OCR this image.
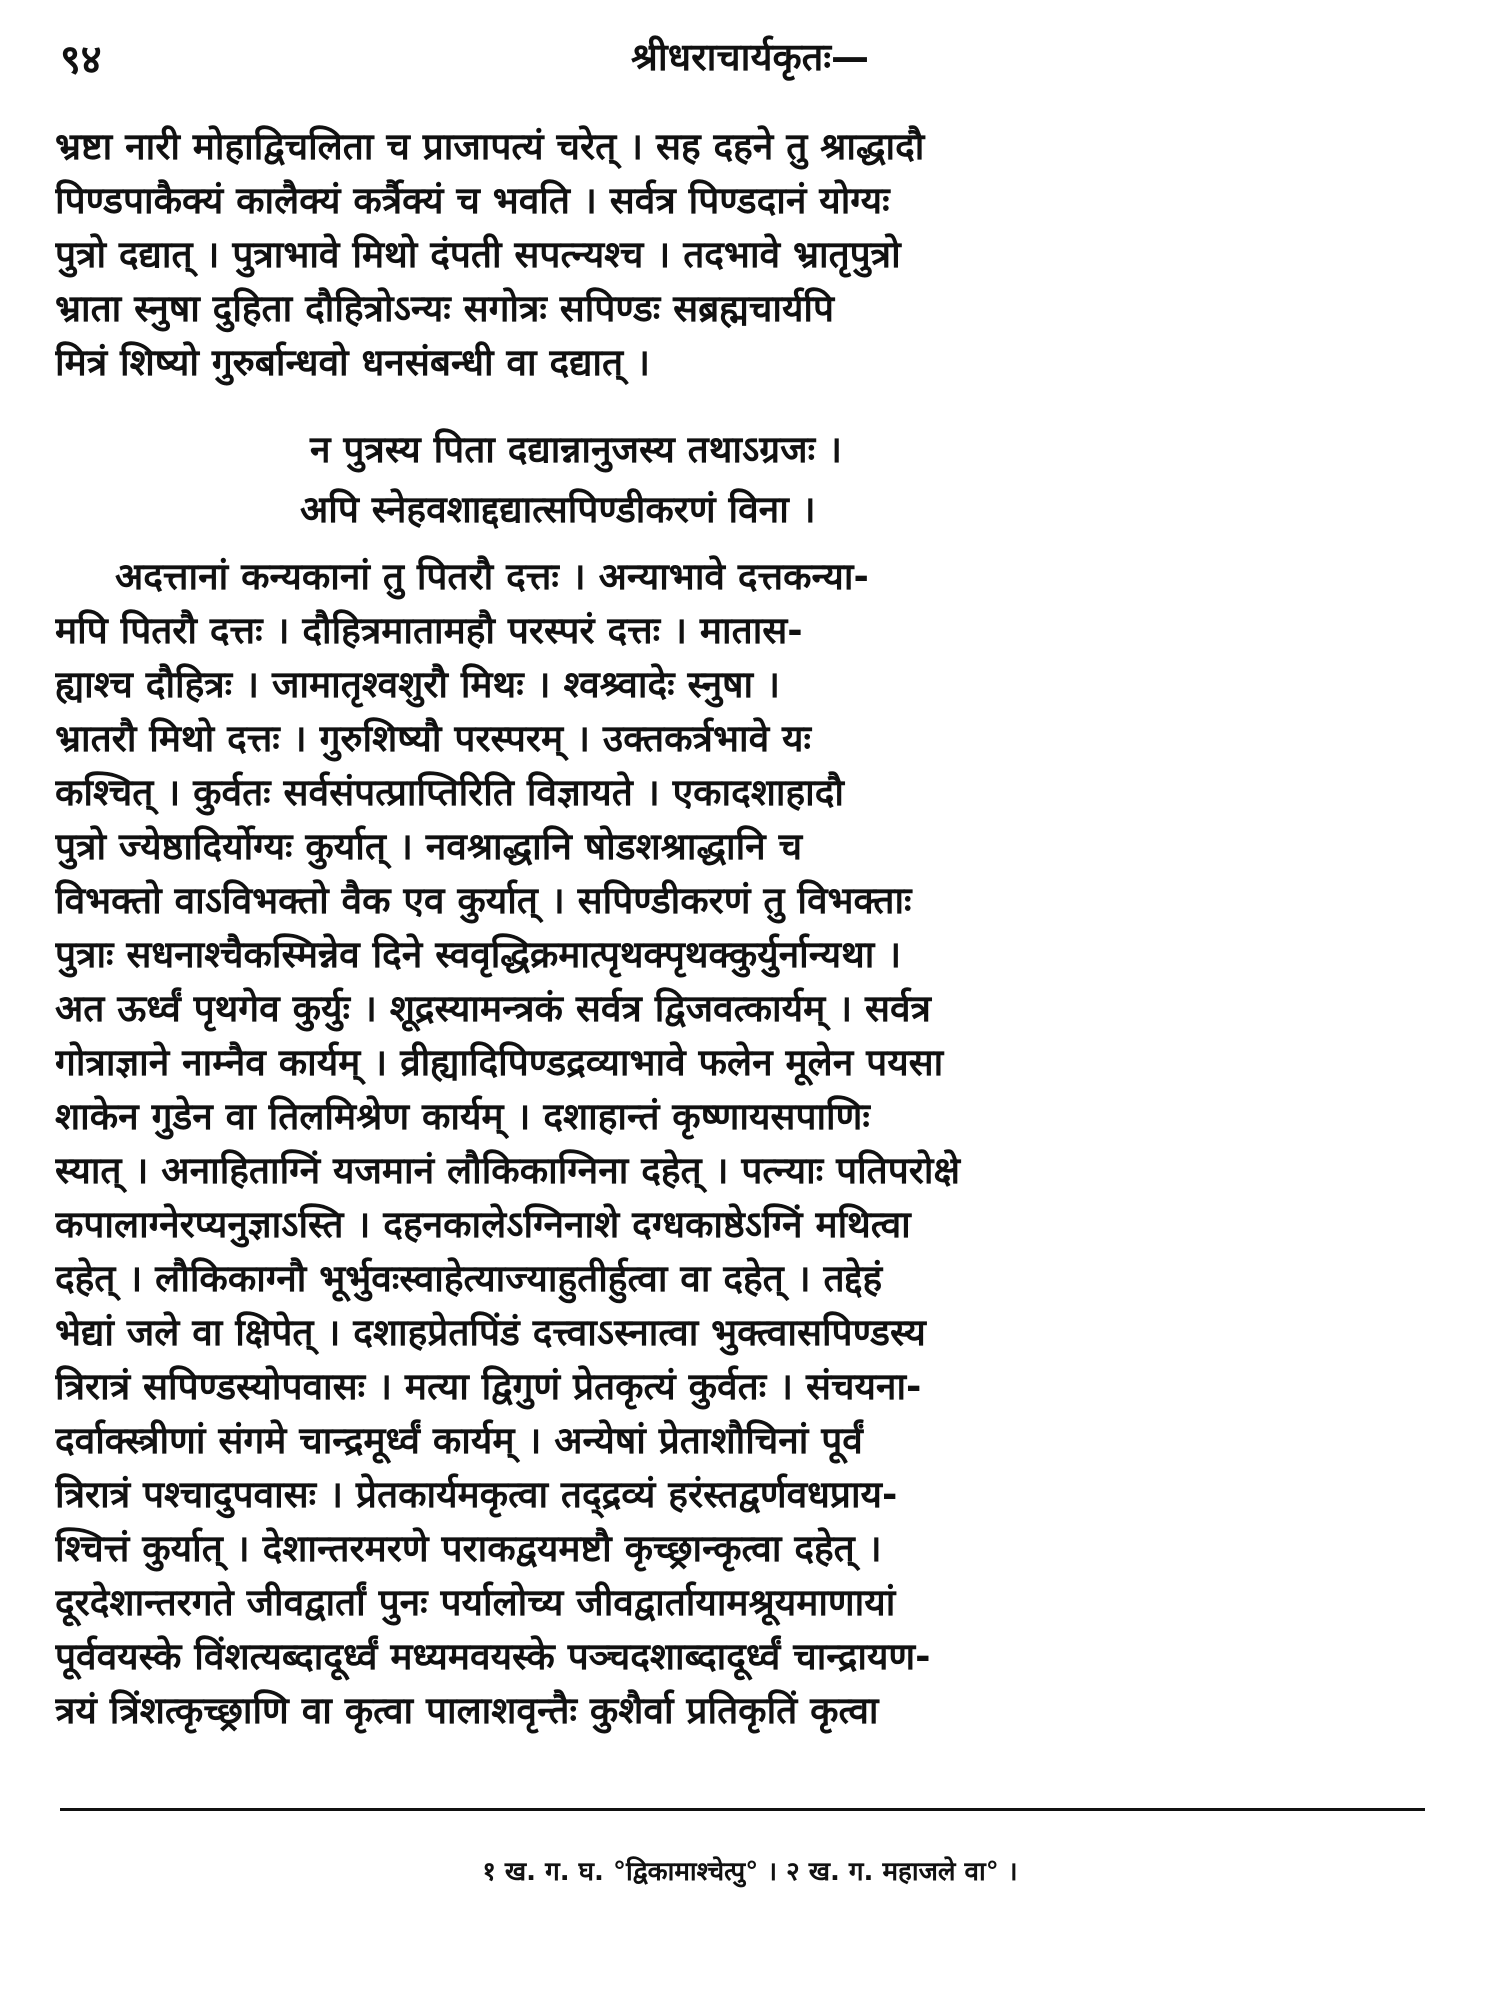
९४	श्रीधराचार्यकृतः—
भ्रष्टा नारी मोहाद्विचलिता च प्राजापत्यं चरेत् । सह दहने तु श्राद्धादौ
पिण्डपाकैक्यं कालैक्यं कर्त्रैक्यं च भवति । सर्वत्र पिण्डदानं योग्यः
पुत्रो दद्यात् । पुत्राभावे मिथो दंपती सपत्न्यश्च । तदभावे भ्रातृपुत्रो
भ्राता स्नुषा दुहिता दौहित्रोऽन्यः सगोत्रः सपिण्डः सब्रह्मचार्यपि
मित्रं शिष्यो गुरुर्बान्धवो धनसंबन्धी वा दद्यात् ।
न पुत्रस्य पिता दद्यान्नानुजस्य तथाऽग्रजः ।
अपि स्नेहवशाद्दद्यात्सपिण्डीकरणं विना ।
अदत्तानां कन्यकानां तु पितरौ दत्तः । अन्याभावे दत्तकन्या-
मपि पितरौ दत्तः । दौहित्रमातामहौ परस्परं दत्तः । मातास-
ह्याश्च दौहित्रः । जामातृश्वशुरौ मिथः । श्वश्र्वादेः स्नुषा ।
भ्रातरौ मिथो दत्तः । गुरुशिष्यौ परस्परम् । उक्तकर्त्रभावे यः
कश्चित् । कुर्वतः सर्वसंपत्प्राप्तिरिति विज्ञायते । एकादशाहादौ
पुत्रो ज्येष्ठादिर्योग्यः कुर्यात् । नवश्राद्धानि षोडशश्राद्धानि च
विभक्तो वाऽविभक्तो वैक एव कुर्यात् । सपिण्डीकरणं तु विभक्ताः
पुत्राः सधनाश्चैकस्मिन्नेव दिने स्ववृद्धिक्रमात्पृथक्पृथक्कुर्युर्नान्यथा ।
अत ऊर्ध्वं पृथगेव कुर्युः । शूद्रस्यामन्त्रकं सर्वत्र द्विजवत्कार्यम् । सर्वत्र
गोत्राज्ञाने नाम्नैव कार्यम् । व्रीह्यादिपिण्डद्रव्याभावे फलेन मूलेन पयसा
शाकेन गुडेन वा तिलमिश्रेण कार्यम् । दशाहान्तं कृष्णायसपाणिः
स्यात् । अनाहिताग्निं यजमानं लौकिकाग्निना दहेत् । पत्न्याः पतिपरोक्षे
कपालाग्नेरप्यनुज्ञाऽस्ति । दहनकालेऽग्निनाशे दग्धकाष्ठेऽग्निं मथित्वा
दहेत् । लौकिकाग्नौ भूर्भुवःस्वाहेत्याज्याहुतीर्हुत्वा वा दहेत् । तद्देहं
भेद्यां जले वा क्षिपेत् । दशाहप्रेतपिंडं दत्त्वाऽस्नात्वा भुक्त्वासपिण्डस्य
त्रिरात्रं सपिण्डस्योपवासः । मत्या द्विगुणं प्रेतकृत्यं कुर्वतः । संचयना-
दर्वाक्स्त्रीणां संगमे चान्द्रमूर्ध्वं कार्यम् । अन्येषां प्रेताशौचिनां पूर्वं
त्रिरात्रं पश्चादुपवासः । प्रेतकार्यमकृत्वा तद्द्रव्यं हरंस्तद्वर्णवधप्राय-
श्चित्तं कुर्यात् । देशान्तरमरणे पराकद्वयमष्टौ कृच्छ्रान्कृत्वा दहेत् ।
दूरदेशान्तरगते जीवद्वार्तां पुनः पर्यालोच्य जीवद्वार्तायामश्रूयमाणायां
पूर्ववयस्के विंशत्यब्दादूर्ध्वं मध्यमवयस्के पञ्चदशाब्दादूर्ध्वं चान्द्रायण-
त्रयं त्रिंशत्कृच्छ्राणि वा कृत्वा पालाशवृन्तैः कुशैर्वा प्रतिकृतिं कृत्वा
१ ख. ग. घ. °द्विकामाश्चेत्पु° । २ ख. ग. महाजले वा° ।
